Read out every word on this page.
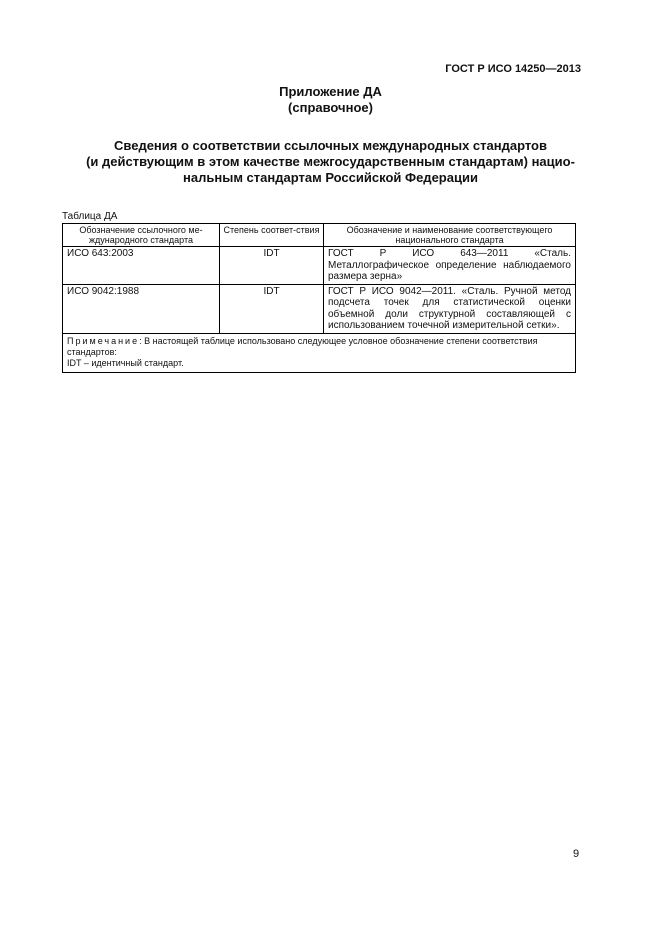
ГОСТ Р ИСО 14250—2013
Приложение ДА
(справочное)
Сведения о соответствии ссылочных международных стандартов
(и действующим в этом качестве межгосударственным стандартам) нацио-
нальным стандартам Российской Федерации
Таблица ДА
Обозначение ссылочного ме-ждународного стандарта	Степень соответ-ствия	Обозначение и наименование соответствующего национального стандарта
ИСО 643:2003	IDT	ГОСТ Р ИСО 643—2011 «Сталь. Металлографическое определение наблюдаемого размера зерна»
ИСО 9042:1988	IDT	ГОСТ Р ИСО 9042—2011. «Сталь. Ручной метод подсчета точек для статистической оценки объемной доли структурной составляющей с использованием точечной измерительной сетки».
Примечание: В настоящей таблице использовано следующее условное обозначение степени соответствия стандартов:
IDT – идентичный стандарт.		
9
